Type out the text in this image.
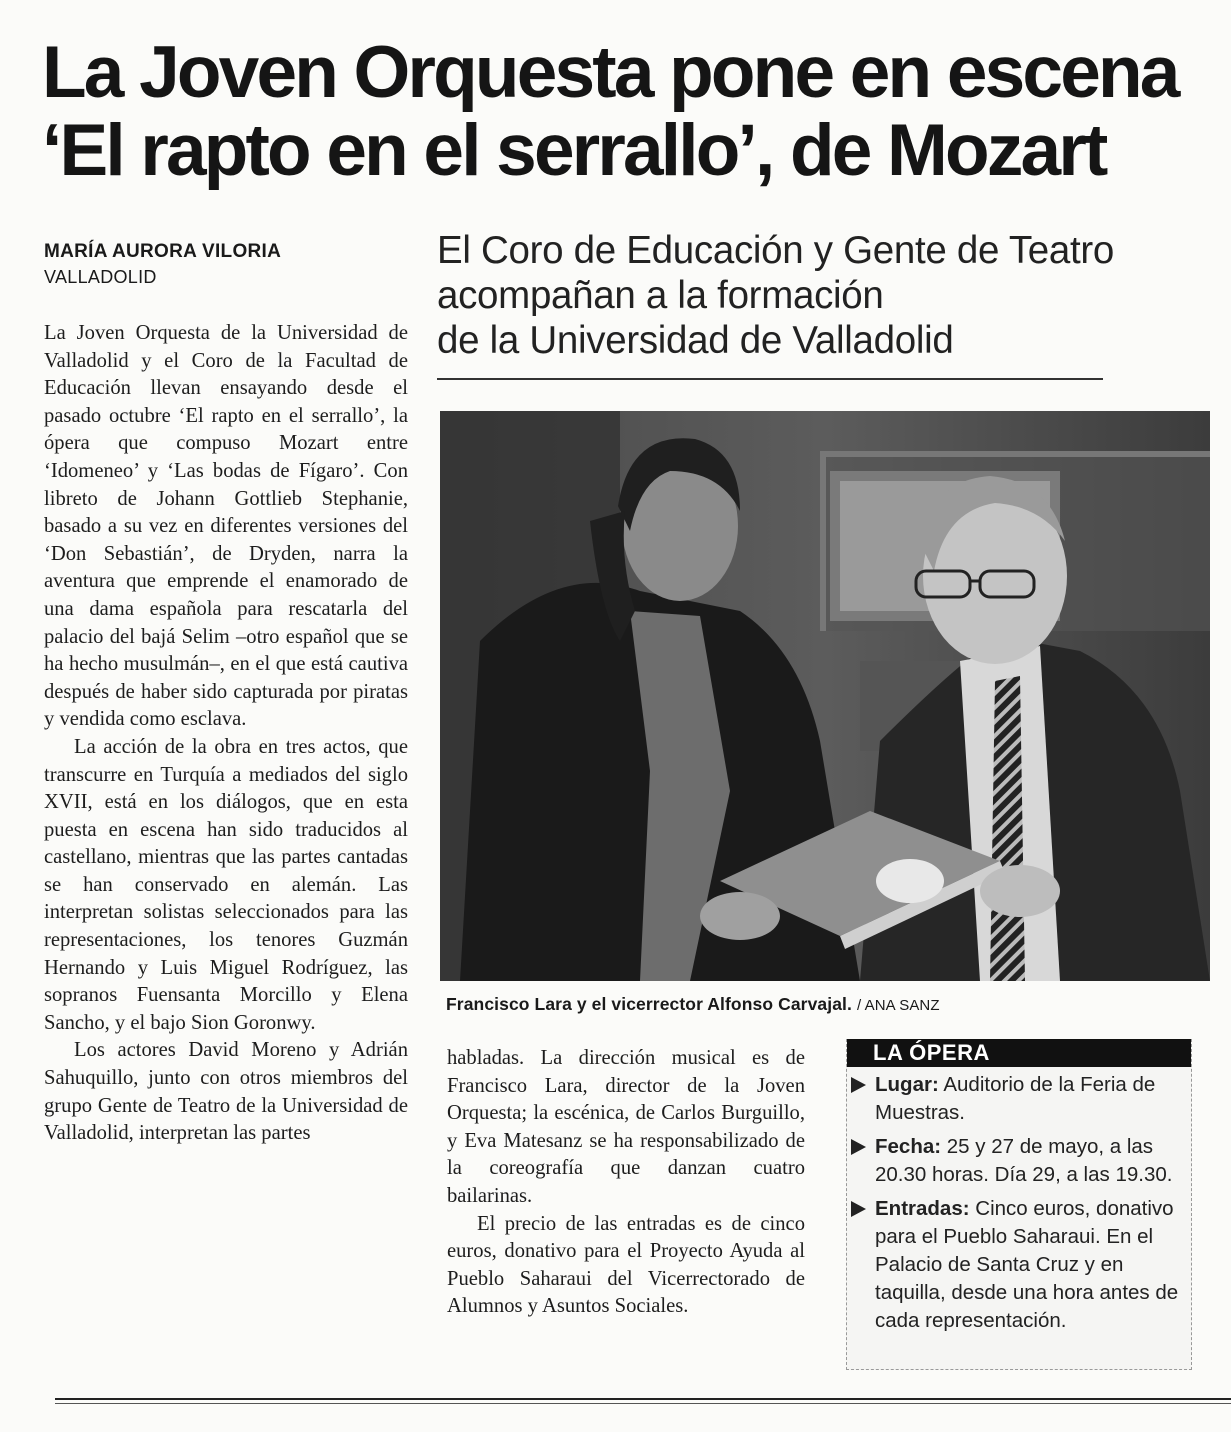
La Joven Orquesta pone en escena ‘El rapto en el serrallo’, de Mozart
MARÍA AURORA VILORIA
VALLADOLID
El Coro de Educación y Gente de Teatro
acompañan a la formación
de la Universidad de Valladolid

La Joven Orquesta de la Universidad de Valladolid y el Coro de la Facultad de Educación llevan ensayando desde el pasado octubre ‘El rapto en el serrallo’, la ópera que compuso Mozart entre ‘Idomeneo’ y ‘Las bodas de Fígaro’. Con libreto de Johann Gottlieb Stephanie, basado a su vez en diferentes versiones del ‘Don Sebastián’, de Dryden, narra la aventura que emprende el enamorado de una dama española para rescatarla del palacio del bajá Selim –otro español que se ha hecho musulmán–, en el que está cautiva después de haber sido capturada por piratas y vendida como esclava.

La acción de la obra en tres actos, que transcurre en Turquía a mediados del siglo XVII, está en los diálogos, que en esta puesta en escena han sido traducidos al castellano, mientras que las partes cantadas se han conservado en alemán. Las interpretan solistas seleccionados para las representaciones, los tenores Guzmán Hernando y Luis Miguel Rodríguez, las sopranos Fuensanta Morcillo y Elena Sancho, y el bajo Sion Goronwy.

Los actores David Moreno y Adrián Sahuquillo, junto con otros miembros del grupo Gente de Teatro de la Universidad de Valladolid, interpretan las partes

Francisco Lara y el vicerrector Alfonso Carvajal. / ANA SANZ

habladas. La dirección musical es de Francisco Lara, director de la Joven Orquesta; la escénica, de Carlos Burguillo, y Eva Matesanz se ha responsabilizado de la coreografía que danzan cuatro bailarinas.

El precio de las entradas es de cinco euros, donativo para el Proyecto Ayuda al Pueblo Saharaui del Vicerrectorado de Alumnos y Asuntos Sociales.

LA ÓPERA
Lugar: Auditorio de la Feria de Muestras.
Fecha: 25 y 27 de mayo, a las 20.30 horas. Día 29, a las 19.30.
Entradas: Cinco euros, donativo para el Pueblo Saharaui. En el Palacio de Santa Cruz y en taquilla, desde una hora antes de cada representación.
